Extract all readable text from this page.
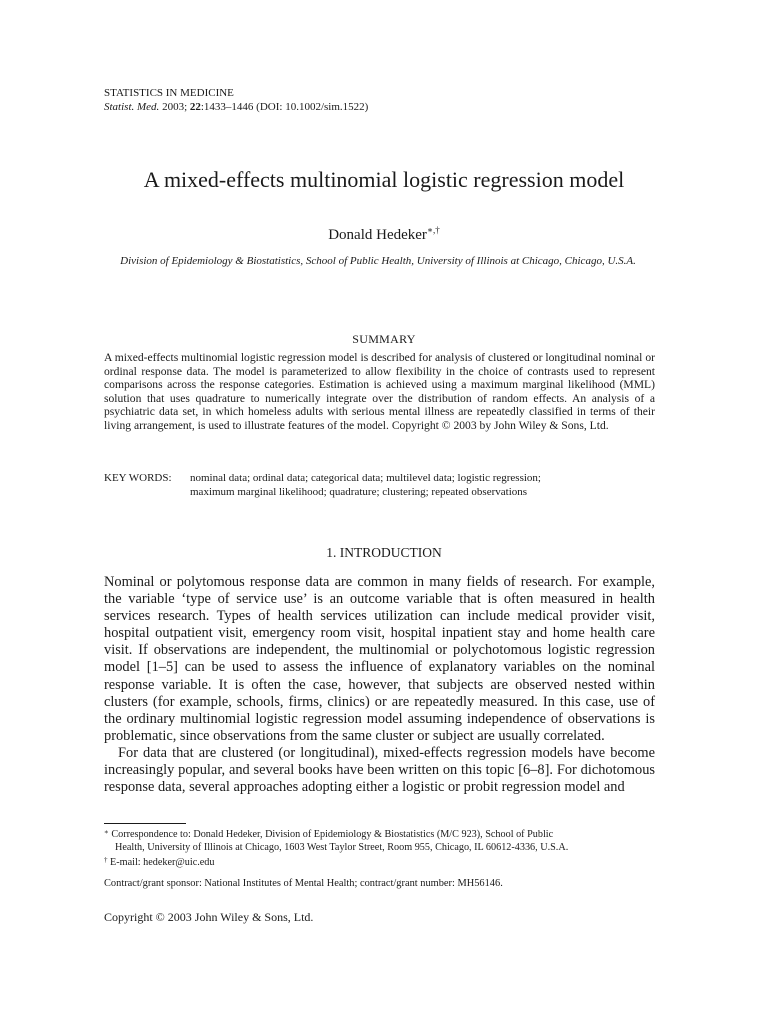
STATISTICS IN MEDICINE
Statist. Med. 2003; 22:1433–1446 (DOI: 10.1002/sim.1522)
A mixed-effects multinomial logistic regression model
Donald Hedeker∗,†
Division of Epidemiology & Biostatistics, School of Public Health, University of Illinois at Chicago, Chicago, U.S.A.
SUMMARY
A mixed-effects multinomial logistic regression model is described for analysis of clustered or longitudinal nominal or ordinal response data. The model is parameterized to allow flexibility in the choice of contrasts used to represent comparisons across the response categories. Estimation is achieved using a maximum marginal likelihood (MML) solution that uses quadrature to numerically integrate over the distribution of random effects. An analysis of a psychiatric data set, in which homeless adults with serious mental illness are repeatedly classified in terms of their living arrangement, is used to illustrate features of the model. Copyright © 2003 by John Wiley & Sons, Ltd.
KEY WORDS: nominal data; ordinal data; categorical data; multilevel data; logistic regression;
maximum marginal likelihood; quadrature; clustering; repeated observations
1. INTRODUCTION

Nominal or polytomous response data are common in many fields of research. For example, the variable ‘type of service use’ is an outcome variable that is often measured in health services research. Types of health services utilization can include medical provider visit, hospital outpatient visit, emergency room visit, hospital inpatient stay and home health care visit. If observations are independent, the multinomial or polychotomous logistic regression model [1–5] can be used to assess the influence of explanatory variables on the nominal response variable. It is often the case, however, that subjects are observed nested within clusters (for example, schools, firms, clinics) or are repeatedly measured. In this case, use of the ordinary multinomial logistic regression model assuming independence of observations is problematic, since observations from the same cluster or subject are usually correlated.

For data that are clustered (or longitudinal), mixed-effects regression models have become increasingly popular, and several books have been written on this topic [6–8]. For dichotomous response data, several approaches adopting either a logistic or probit regression model and

∗ Correspondence to: Donald Hedeker, Division of Epidemiology & Biostatistics (M/C 923), School of Public

Health, University of Illinois at Chicago, 1603 West Taylor Street, Room 955, Chicago, IL 60612-4336, U.S.A.

† E-mail: hedeker@uic.edu

Contract/grant sponsor: National Institutes of Mental Health; contract/grant number: MH56146.
Copyright © 2003 John Wiley & Sons, Ltd.
